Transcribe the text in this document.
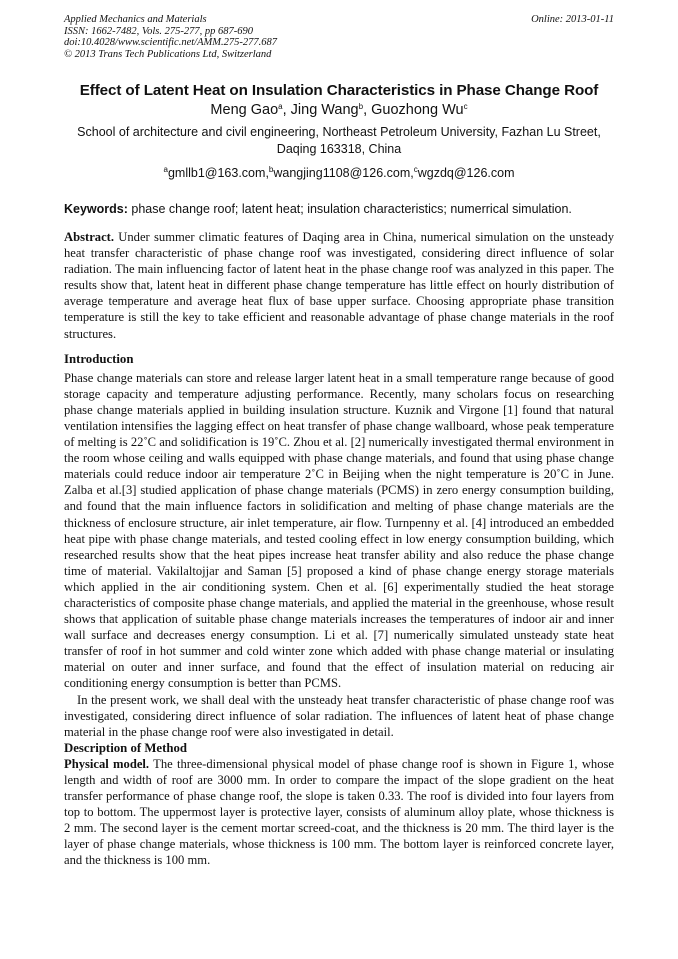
Applied Mechanics and Materials
ISSN: 1662-7482, Vols. 275-277, pp 687-690
doi:10.4028/www.scientific.net/AMM.275-277.687
© 2013 Trans Tech Publications Ltd, Switzerland
Online: 2013-01-11
Effect of Latent Heat on Insulation Characteristics in Phase Change Roof
Meng Gao$^a$, Jing Wang$^b$, Guozhong Wu$^c$
School of architecture and civil engineering, Northeast Petroleum University, Fazhan Lu Street,
Daqing 163318, China
$^a$gmllb1@163.com,$^b$wangjing1108@126.com,$^c$wgzdq@126.com
Keywords: phase change roof; latent heat; insulation characteristics; numerrical simulation.

Abstract. Under summer climatic features of Daqing area in China, numerical simulation on the unsteady heat transfer characteristic of phase change roof was investigated, considering direct influence of solar radiation. The main influencing factor of latent heat in the phase change roof was analyzed in this paper. The results show that, latent heat in different phase change temperature has little effect on hourly distribution of average temperature and average heat flux of base upper surface. Choosing appropriate phase transition temperature is still the key to take efficient and reasonable advantage of phase change materials in the roof structures.

Introduction

Phase change materials can store and release larger latent heat in a small temperature range because of good storage capacity and temperature adjusting performance. Recently, many scholars focus on researching phase change materials applied in building insulation structure. Kuznik and Virgone [1] found that natural ventilation intensifies the lagging effect on heat transfer of phase change wallboard, whose peak temperature of melting is 22˚C and solidification is 19˚C. Zhou et al. [2] numerically investigated thermal environment in the room whose ceiling and walls equipped with phase change materials, and found that using phase change materials could reduce indoor air temperature 2˚C in Beijing when the night temperature is 20˚C in June. Zalba et al.[3] studied application of phase change materials (PCMS) in zero energy consumption building, and found that the main influence factors in solidification and melting of phase change materials are the thickness of enclosure structure, air inlet temperature, air flow. Turnpenny et al. [4] introduced an embedded heat pipe with phase change materials, and tested cooling effect in low energy consumption building, which researched results show that the heat pipes increase heat transfer ability and also reduce the phase change time of material. Vakilaltojjar and Saman [5] proposed a kind of phase change energy storage materials which applied in the air conditioning system. Chen et al. [6] experimentally studied the heat storage characteristics of composite phase change materials, and applied the material in the greenhouse, whose result shows that application of suitable phase change materials increases the temperatures of indoor air and inner wall surface and decreases energy consumption. Li et al. [7] numerically simulated unsteady state heat transfer of roof in hot summer and cold winter zone which added with phase change material or insulating material on outer and inner surface, and found that the effect of insulation material on reducing air conditioning energy consumption is better than PCMS.

In the present work, we shall deal with the unsteady heat transfer characteristic of phase change roof was investigated, considering direct influence of solar radiation. The influences of latent heat of phase change material in the phase change roof were also investigated in detail.

Description of Method

Physical model. The three-dimensional physical model of phase change roof is shown in Figure 1, whose length and width of roof are 3000 mm. In order to compare the impact of the slope gradient on the heat transfer performance of phase change roof, the slope is taken 0.33. The roof is divided into four layers from top to bottom. The uppermost layer is protective layer, consists of aluminum alloy plate, whose thickness is 2 mm. The second layer is the cement mortar screed-coat, and the thickness is 20 mm. The third layer is the layer of phase change materials, whose thickness is 100 mm. The bottom layer is reinforced concrete layer, and the thickness is 100 mm.
